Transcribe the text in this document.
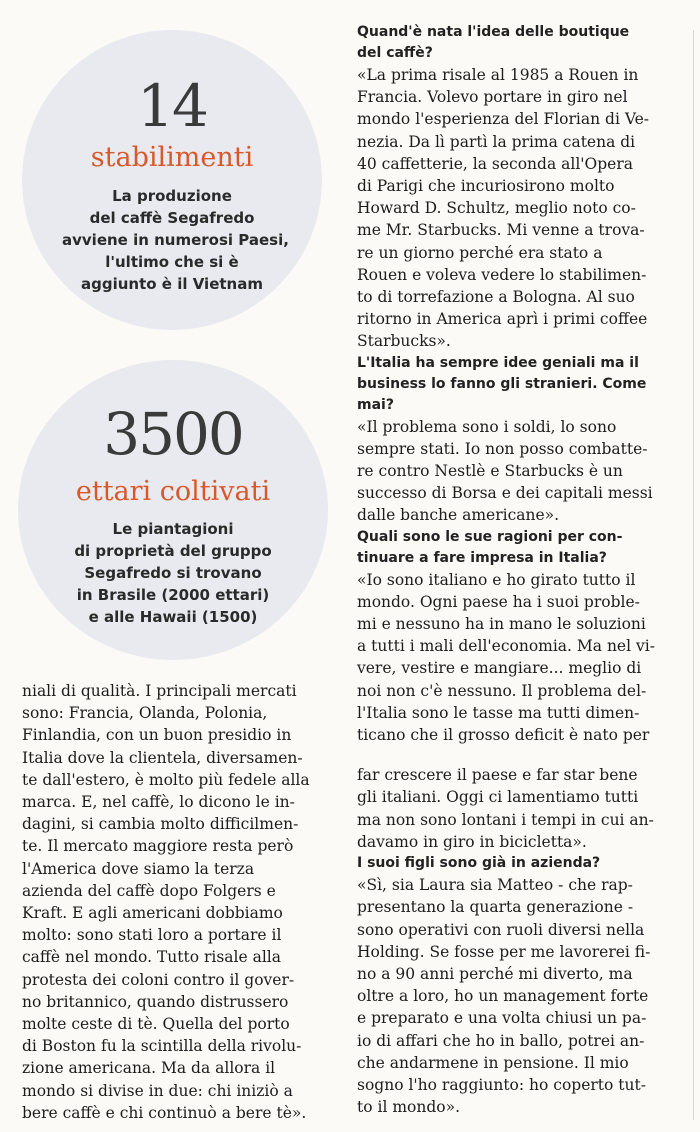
14
stabilimenti
La produzione
del caffè Segafredo
avviene in numerosi Paesi,
l'ultimo che si è
aggiunto è il Vietnam
3500
ettari coltivati
Le piantagioni
di proprietà del gruppo
Segafredo si trovano
in Brasile (2000 ettari)
e alle Hawaii (1500)

niali di qualità. I principali mercati
sono: Francia, Olanda, Polonia,
Finlandia, con un buon presidio in
Italia dove la clientela, diversamen-
te dall'estero, è molto più fedele alla
marca. E, nel caffè, lo dicono le in-
dagini, si cambia molto difficilmen-
te. Il mercato maggiore resta però
l'America dove siamo la terza
azienda del caffè dopo Folgers e
Kraft. E agli americani dobbiamo
molto: sono stati loro a portare il
caffè nel mondo. Tutto risale alla
protesta dei coloni contro il gover-
no britannico, quando distrussero
molte ceste di tè. Quella del porto
di Boston fu la scintilla della rivolu-
zione americana. Ma da allora il
mondo si divise in due: chi iniziò a
bere caffè e chi continuò a bere tè».

Quand'è nata l'idea delle boutique
del caffè?

«La prima risale al 1985 a Rouen in
Francia. Volevo portare in giro nel
mondo l'esperienza del Florian di Ve-
nezia. Da lì partì la prima catena di
40 caffetterie, la seconda all'Opera
di Parigi che incuriosirono molto
Howard D. Schultz, meglio noto co-
me Mr. Starbucks. Mi venne a trova-
re un giorno perché era stato a
Rouen e voleva vedere lo stabilimen-
to di torrefazione a Bologna. Al suo
ritorno in America aprì i primi coffee
Starbucks».

L'Italia ha sempre idee geniali ma il
business lo fanno gli stranieri. Come
mai?

«Il problema sono i soldi, lo sono
sempre stati. Io non posso combatte-
re contro Nestlè e Starbucks è un
successo di Borsa e dei capitali messi
dalle banche americane».

Quali sono le sue ragioni per con-
tinuare a fare impresa in Italia?

«Io sono italiano e ho girato tutto il
mondo. Ogni paese ha i suoi proble-
mi e nessuno ha in mano le soluzioni
a tutti i mali dell'economia. Ma nel vi-
vere, vestire e mangiare... meglio di
noi non c'è nessuno. Il problema del-
l'Italia sono le tasse ma tutti dimen-
ticano che il grosso deficit è nato per

far crescere il paese e far star bene
gli italiani. Oggi ci lamentiamo tutti
ma non sono lontani i tempi in cui an-
davamo in giro in bicicletta».

I suoi figli sono già in azienda?

«Sì, sia Laura sia Matteo - che rap-
presentano la quarta generazione -
sono operativi con ruoli diversi nella
Holding. Se fosse per me lavorerei fi-
no a 90 anni perché mi diverto, ma
oltre a loro, ho un management forte
e preparato e una volta chiusi un pa-
io di affari che ho in ballo, potrei an-
che andarmene in pensione. Il mio
sogno l'ho raggiunto: ho coperto tut-
to il mondo».
